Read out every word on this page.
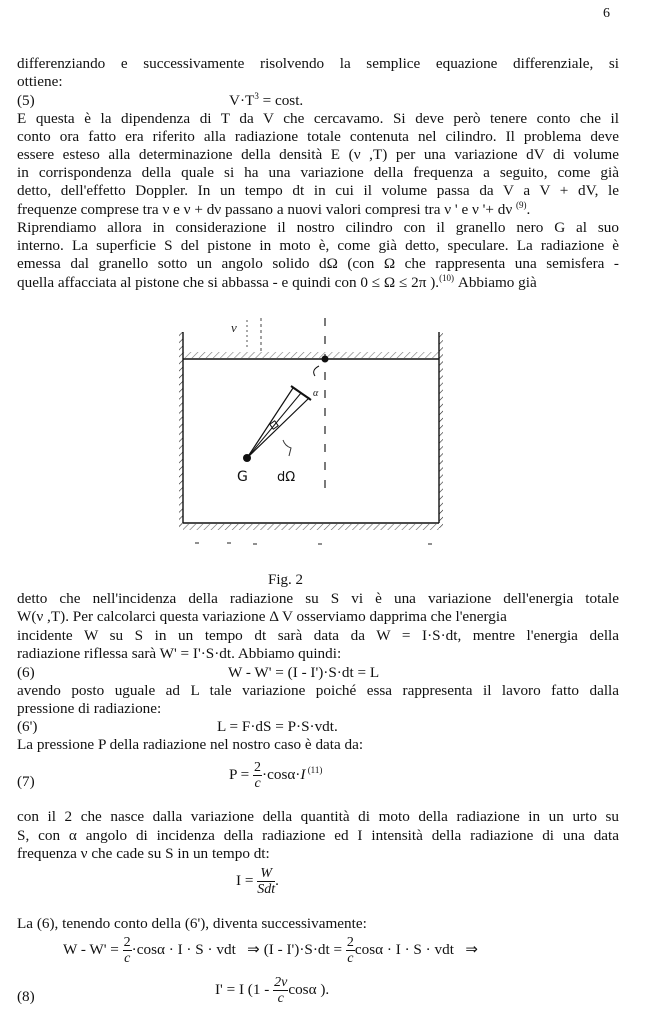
6
differenziando e successivamente risolvendo la semplice equazione differenziale, si
ottiene:
(5)	$V\cdot T^3 = \cos t$.
E questa è la dipendenza di T da V che cercavamo. Si deve però tenere conto che il
conto ora fatto era riferito alla radiazione totale contenuta nel cilindro. Il problema deve
essere esteso alla determinazione della densità E (ν ,T) per una variazione dV di volume
in corrispondenza della quale si ha una variazione della frequenza a seguito, come già
detto, dell'effetto Doppler. In un tempo dt in cui il volume passa da V a V + dV, le
frequenze comprese tra ν e ν + dν passano a nuovi valori compresi tra ν ' e ν '+ dν $^{(9)}$.
Riprendiamo allora in considerazione il nostro cilindro con il granello nero G al suo
interno. La superficie S del pistone in moto è, come già detto, speculare. La radiazione è
emessa dal granello sotto un angolo solido dΩ (con Ω che rappresenta una semisfera -
quella affacciata al pistone che si abbassa - e quindi con 0 ≤ Ω ≤ 2π ).$^{(10)}$ Abbiamo già
v
α
G dΩ
Fig. 2
detto che nell'incidenza della radiazione su S vi è una variazione dell'energia totale
W(ν ,T). Per calcolarci questa variazione Δ V osserviamo dapprima che l'energia
incidente W su S in un tempo dt sarà data da W = I·S·dt, mentre l'energia della
radiazione riflessa sarà W' = I'·S·dt. Abbiamo quindi:
(6)	W - W' = (I - I')·S·dt = L
avendo posto uguale ad L tale variazione poiché essa rappresenta il lavoro fatto dalla
pressione di radiazione:
(6')	L = F·dS = P·S·vdt.
La pressione P della radiazione nel nostro caso è data da:
(7)	$P = \frac{2}{c} \cdot\cos\alpha\cdot I$ $^{(11)}$
con il 2 che nasce dalla variazione della quantità di moto della radiazione in un urto su
S, con α angolo di incidenza della radiazione ed I intensità della radiazione di una data
frequenza ν che cade su S in un tempo dt:
$I = \frac{W}{\text{Sdt}}$ .
La (6), tenendo conto della (6'), diventa successivamente:
$W - W' = \frac{2}{c} \cdot\cos\alpha \cdot I \cdot S$ · vdt   ⇒ $(I - I')\cdot S\cdot dt = \frac{2}{c}$ cosα · I · S · vdt   ⇒
(8)	I' = I ($1 - \frac{2v}{c}$ cosα ).
